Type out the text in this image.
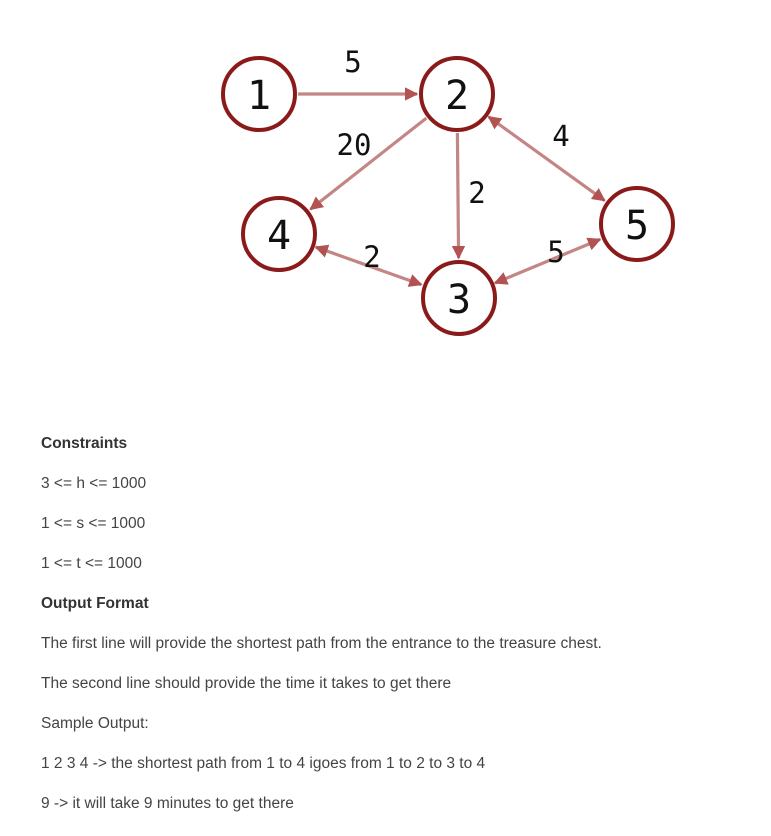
1	2
3
4	5
5
20
2
4
2	5

Constraints

3 <= h <= 1000

1 <= s <= 1000

1 <= t <= 1000

Output Format

The first line will provide the shortest path from the entrance to the treasure chest.

The second line should provide the time it takes to get there

Sample Output:

1 2 3 4 -> the shortest path from 1 to 4 igoes from 1 to 2 to 3 to 4

9 -> it will take 9 minutes to get there
